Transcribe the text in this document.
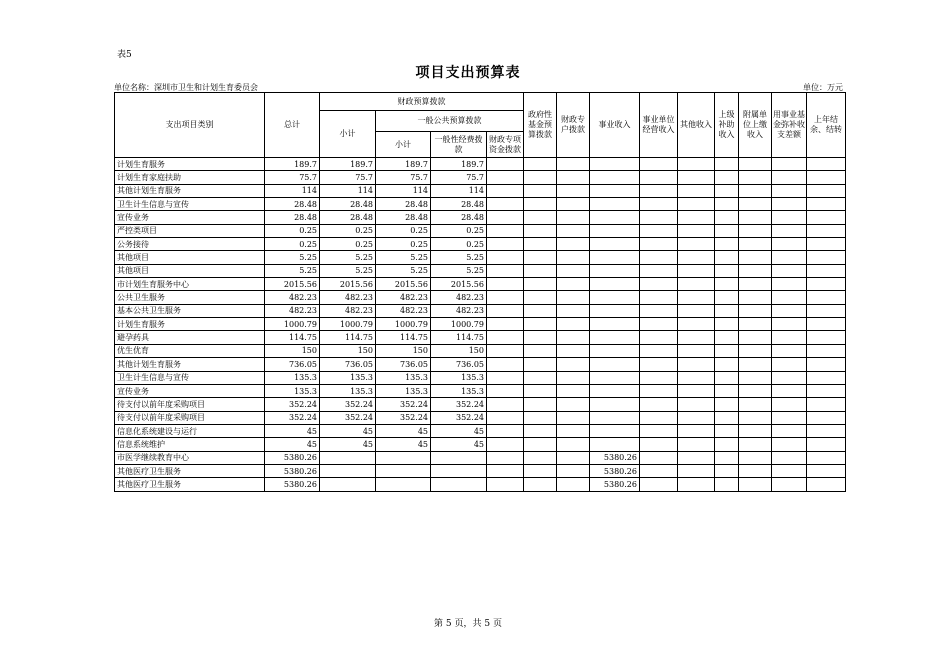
表5
项目支出预算表
单位名称：深圳市卫生和计划生育委员会	单位：万元
支出项目类别	总计	财政预算拨款				政府性基金预算拨款	财政专户拨款	事业收入	事业单位经营收入	其他收入	上级补助收入	附属单位上缴收入	用事业基金弥补收支差额	上年结余、结转
		小计	一般公共预算拨款											
			小计	一般性经费拨款	财政专项资金拨款									
计划生育服务	189.7	189.7	189.7	189.7										
计划生育家庭扶助	75.7	75.7	75.7	75.7										
其他计划生育服务	114	114	114	114										
卫生计生信息与宣传	28.48	28.48	28.48	28.48										
宣传业务	28.48	28.48	28.48	28.48										
严控类项目	0.25	0.25	0.25	0.25										
公务接待	0.25	0.25	0.25	0.25										
其他项目	5.25	5.25	5.25	5.25										
其他项目	5.25	5.25	5.25	5.25										
市计划生育服务中心	2015.56	2015.56	2015.56	2015.56										
公共卫生服务	482.23	482.23	482.23	482.23										
基本公共卫生服务	482.23	482.23	482.23	482.23										
计划生育服务	1000.79	1000.79	1000.79	1000.79										
避孕药具	114.75	114.75	114.75	114.75										
优生优育	150	150	150	150										
其他计划生育服务	736.05	736.05	736.05	736.05										
卫生计生信息与宣传	135.3	135.3	135.3	135.3										
宣传业务	135.3	135.3	135.3	135.3										
待支付以前年度采购项目	352.24	352.24	352.24	352.24										
待支付以前年度采购项目	352.24	352.24	352.24	352.24										
信息化系统建设与运行	45	45	45	45										
信息系统维护	45	45	45	45										
市医学继续教育中心	5380.26							5380.26						
其他医疗卫生服务	5380.26							5380.26						
其他医疗卫生服务	5380.26							5380.26						
第 5 页，共 5 页
